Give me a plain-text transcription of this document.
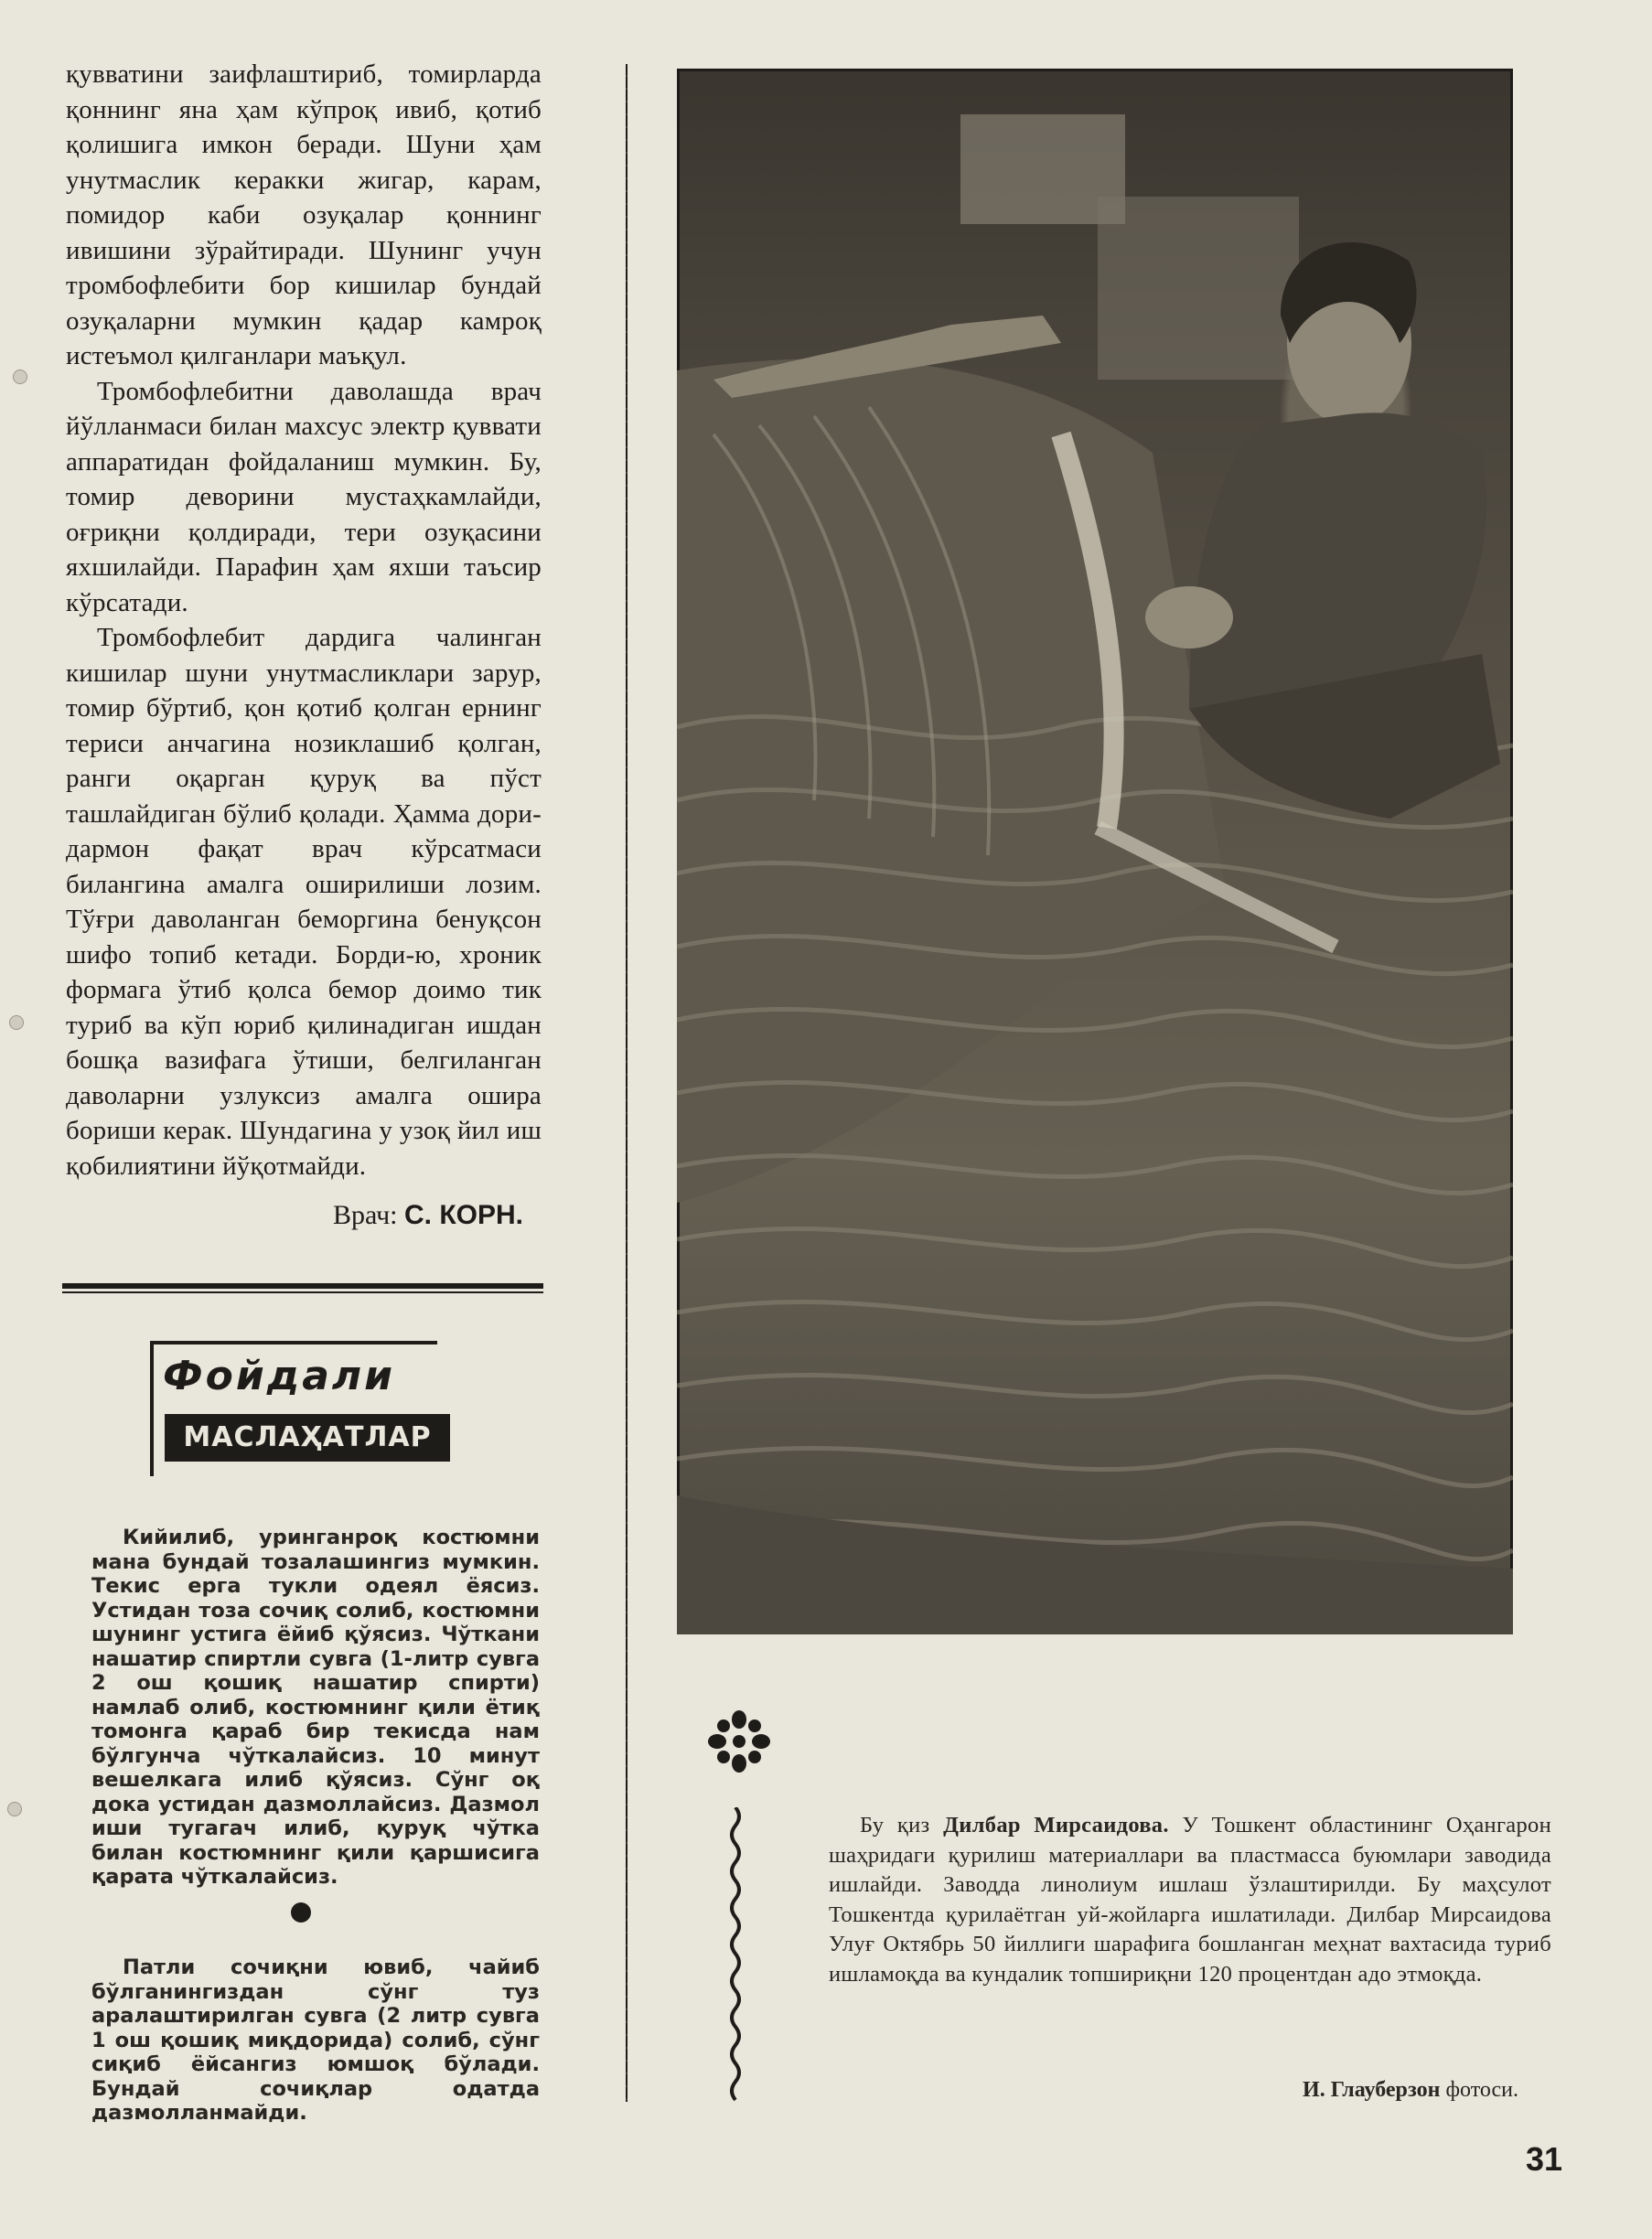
қувватини заифлаштириб, томирларда қоннинг яна ҳам кўпроқ ивиб, қотиб қолишига имкон беради. Шуни ҳам унутмаслик керакки жигар, карам, помидор каби озуқалар қоннинг ивишини зўрайтиради. Шунинг учун тромбофлебити бор кишилар бундай озуқаларни мумкин қадар камроқ истеъмол қилганлари маъқул.

Тромбофлебитни даволашда врач йўлланмаси билан махсус электр қуввати аппаратидан фойдаланиш мумкин. Бу, томир деворини мустаҳкамлайди, оғриқни қолдиради, тери озуқасини яхшилайди. Парафин ҳам яхши таъсир кўрсатади.

Тромбофлебит дардига чалинган кишилар шуни унутмасликлари зарур, томир бўртиб, қон қотиб қолган ернинг териси анчагина нозиклашиб қолган, ранги оқарган қуруқ ва пўст ташлайдиган бўлиб қолади. Ҳамма дори-дармон фақат врач кўрсатмаси билангина амалга оширилиши лозим. Тўғри даволанган беморгина бенуқсон шифо топиб кетади. Борди-ю, хроник формага ўтиб қолса бемор доимо тик туриб ва кўп юриб қилинадиган ишдан бошқа вазифага ўтиши, белгиланган даволарни узлуксиз амалга ошира бориши керак. Шундагина у узоқ йил иш қобилиятини йўқотмайди.

Врач: С. КОРН.
Фойдали
МАСЛАҲАТЛАР

Кийилиб, уринганроқ костюмни мана бундай тозалашингиз мумкин. Текис ерга тукли одеял ёясиз. Устидан тоза сочиқ солиб, костюмни шунинг устига ёйиб қўясиз. Чўткани нашатир спиртли сувга (1-литр сувга 2 ош қошиқ нашатир спирти) намлаб олиб, костюмнинг қили ётиқ томонга қараб бир текисда нам бўлгунча чўткалайсиз. 10 минут вешелкага илиб қўясиз. Сўнг оқ дока устидан дазмоллайсиз. Дазмол иши тугагач илиб, қуруқ чўтка билан костюмнинг қили қаршисига қарата чўткалайсиз.

Патли сочиқни ювиб, чайиб бўлганингиздан сўнг туз аралаштирилган сувга (2 литр сувга 1 ош қошиқ миқдорида) солиб, сўнг сиқиб ёйсангиз юмшоқ бўлади. Бундай сочиқлар одатда дазмолланмайди.

Бу қиз Дилбар Мирсаидова. У Тошкент областининг Оҳангарон шаҳридаги қурилиш материаллари ва пластмасса буюмлари заводида ишлайди. Заводда линолиум ишлаш ўзлаштирилди. Бу маҳсулот Тошкентда қурилаётган уй-жойларга ишлатилади. Дилбар Мирсаидова Улуғ Октябрь 50 йиллиги шарафига бошланган меҳнат вахтасида туриб ишламоқда ва кундалик топшириқни 120 процентдан адо этмоқда.

И. Глауберзон фотоси.
31
